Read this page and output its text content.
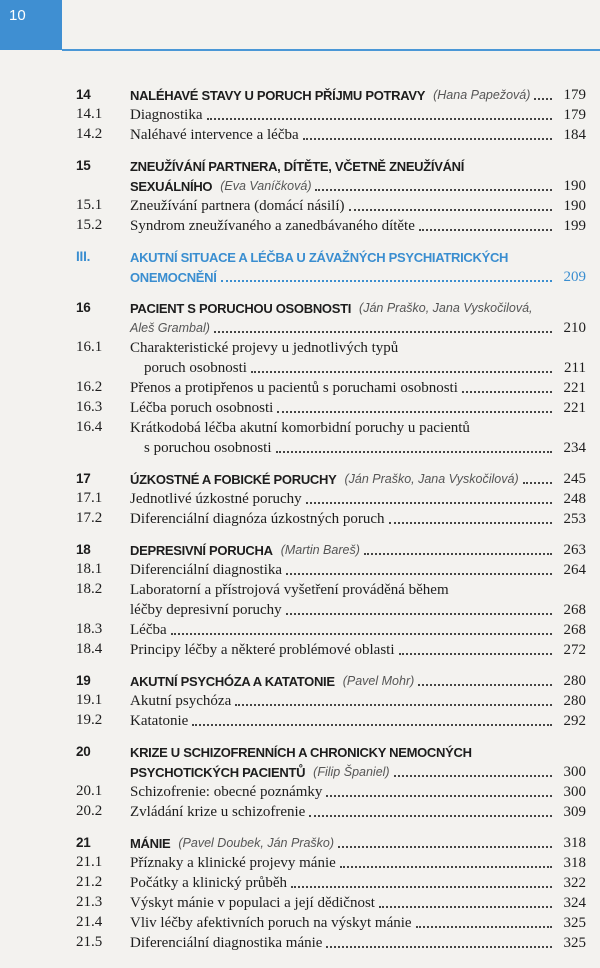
10
14	NALÉHAVÉ STAVY U PORUCH PŘÍJMU POTRAVY (Hana Papežová)	179
14.1 Diagnostika	179
14.2 Naléhavé intervence a léčba	184
15	ZNEUŽÍVÁNÍ PARTNERA, DÍTĚTE, VČETNĚ ZNEUŽÍVÁNÍ
SEXUÁLNÍHO (Eva Vaníčková)	190
15.1 Zneužívání partnera (domácí násilí)	190
15.2 Syndrom zneužívaného a zanedbávaného dítěte	199
III.	AKUTNÍ SITUACE A LÉČBA U ZÁVAŽNÝCH PSYCHIATRICKÝCH
ONEMOCNĚNÍ	209
16	PACIENT S PORUCHOU OSOBNOSTI (Ján Praško, Jana Vyskočilová,
Aleš Grambal)	210
16.1 Charakteristické projevy u jednotlivých typů
poruch osobnosti	211
16.2 Přenos a protipřenos u pacientů s poruchami osobnosti	221
16.3 Léčba poruch osobnosti	221
16.4 Krátkodobá léčba akutní komorbidní poruchy u pacientů
s poruchou osobnosti	234
17	ÚZKOSTNÉ A FOBICKÉ PORUCHY (Ján Praško, Jana Vyskočilová)	245
17.1 Jednotlivé úzkostné poruchy	248
17.2 Diferenciální diagnóza úzkostných poruch	253
18	DEPRESIVNÍ PORUCHA (Martin Bareš)	263
18.1 Diferenciální diagnostika	264
18.2 Laboratorní a přístrojová vyšetření prováděná během
léčby depresivní poruchy	268
18.3 Léčba	268
18.4 Principy léčby a některé problémové oblasti	272
19	AKUTNÍ PSYCHÓZA A KATATONIE (Pavel Mohr)	280
19.1 Akutní psychóza	280
19.2 Katatonie	292
20	KRIZE U SCHIZOFRENNÍCH A CHRONICKY NEMOCNÝCH
PSYCHOTICKÝCH PACIENTŮ (Filip Španiel)	300
20.1 Schizofrenie: obecné poznámky	300
20.2 Zvládání krize u schizofrenie	309
21	MÁNIE (Pavel Doubek, Ján Praško)	318
21.1 Příznaky a klinické projevy mánie	318
21.2 Počátky a klinický průběh	322
21.3 Výskyt mánie v populaci a její dědičnost	324
21.4 Vliv léčby afektivních poruch na výskyt mánie	325
21.5 Diferenciální diagnostika mánie	325
